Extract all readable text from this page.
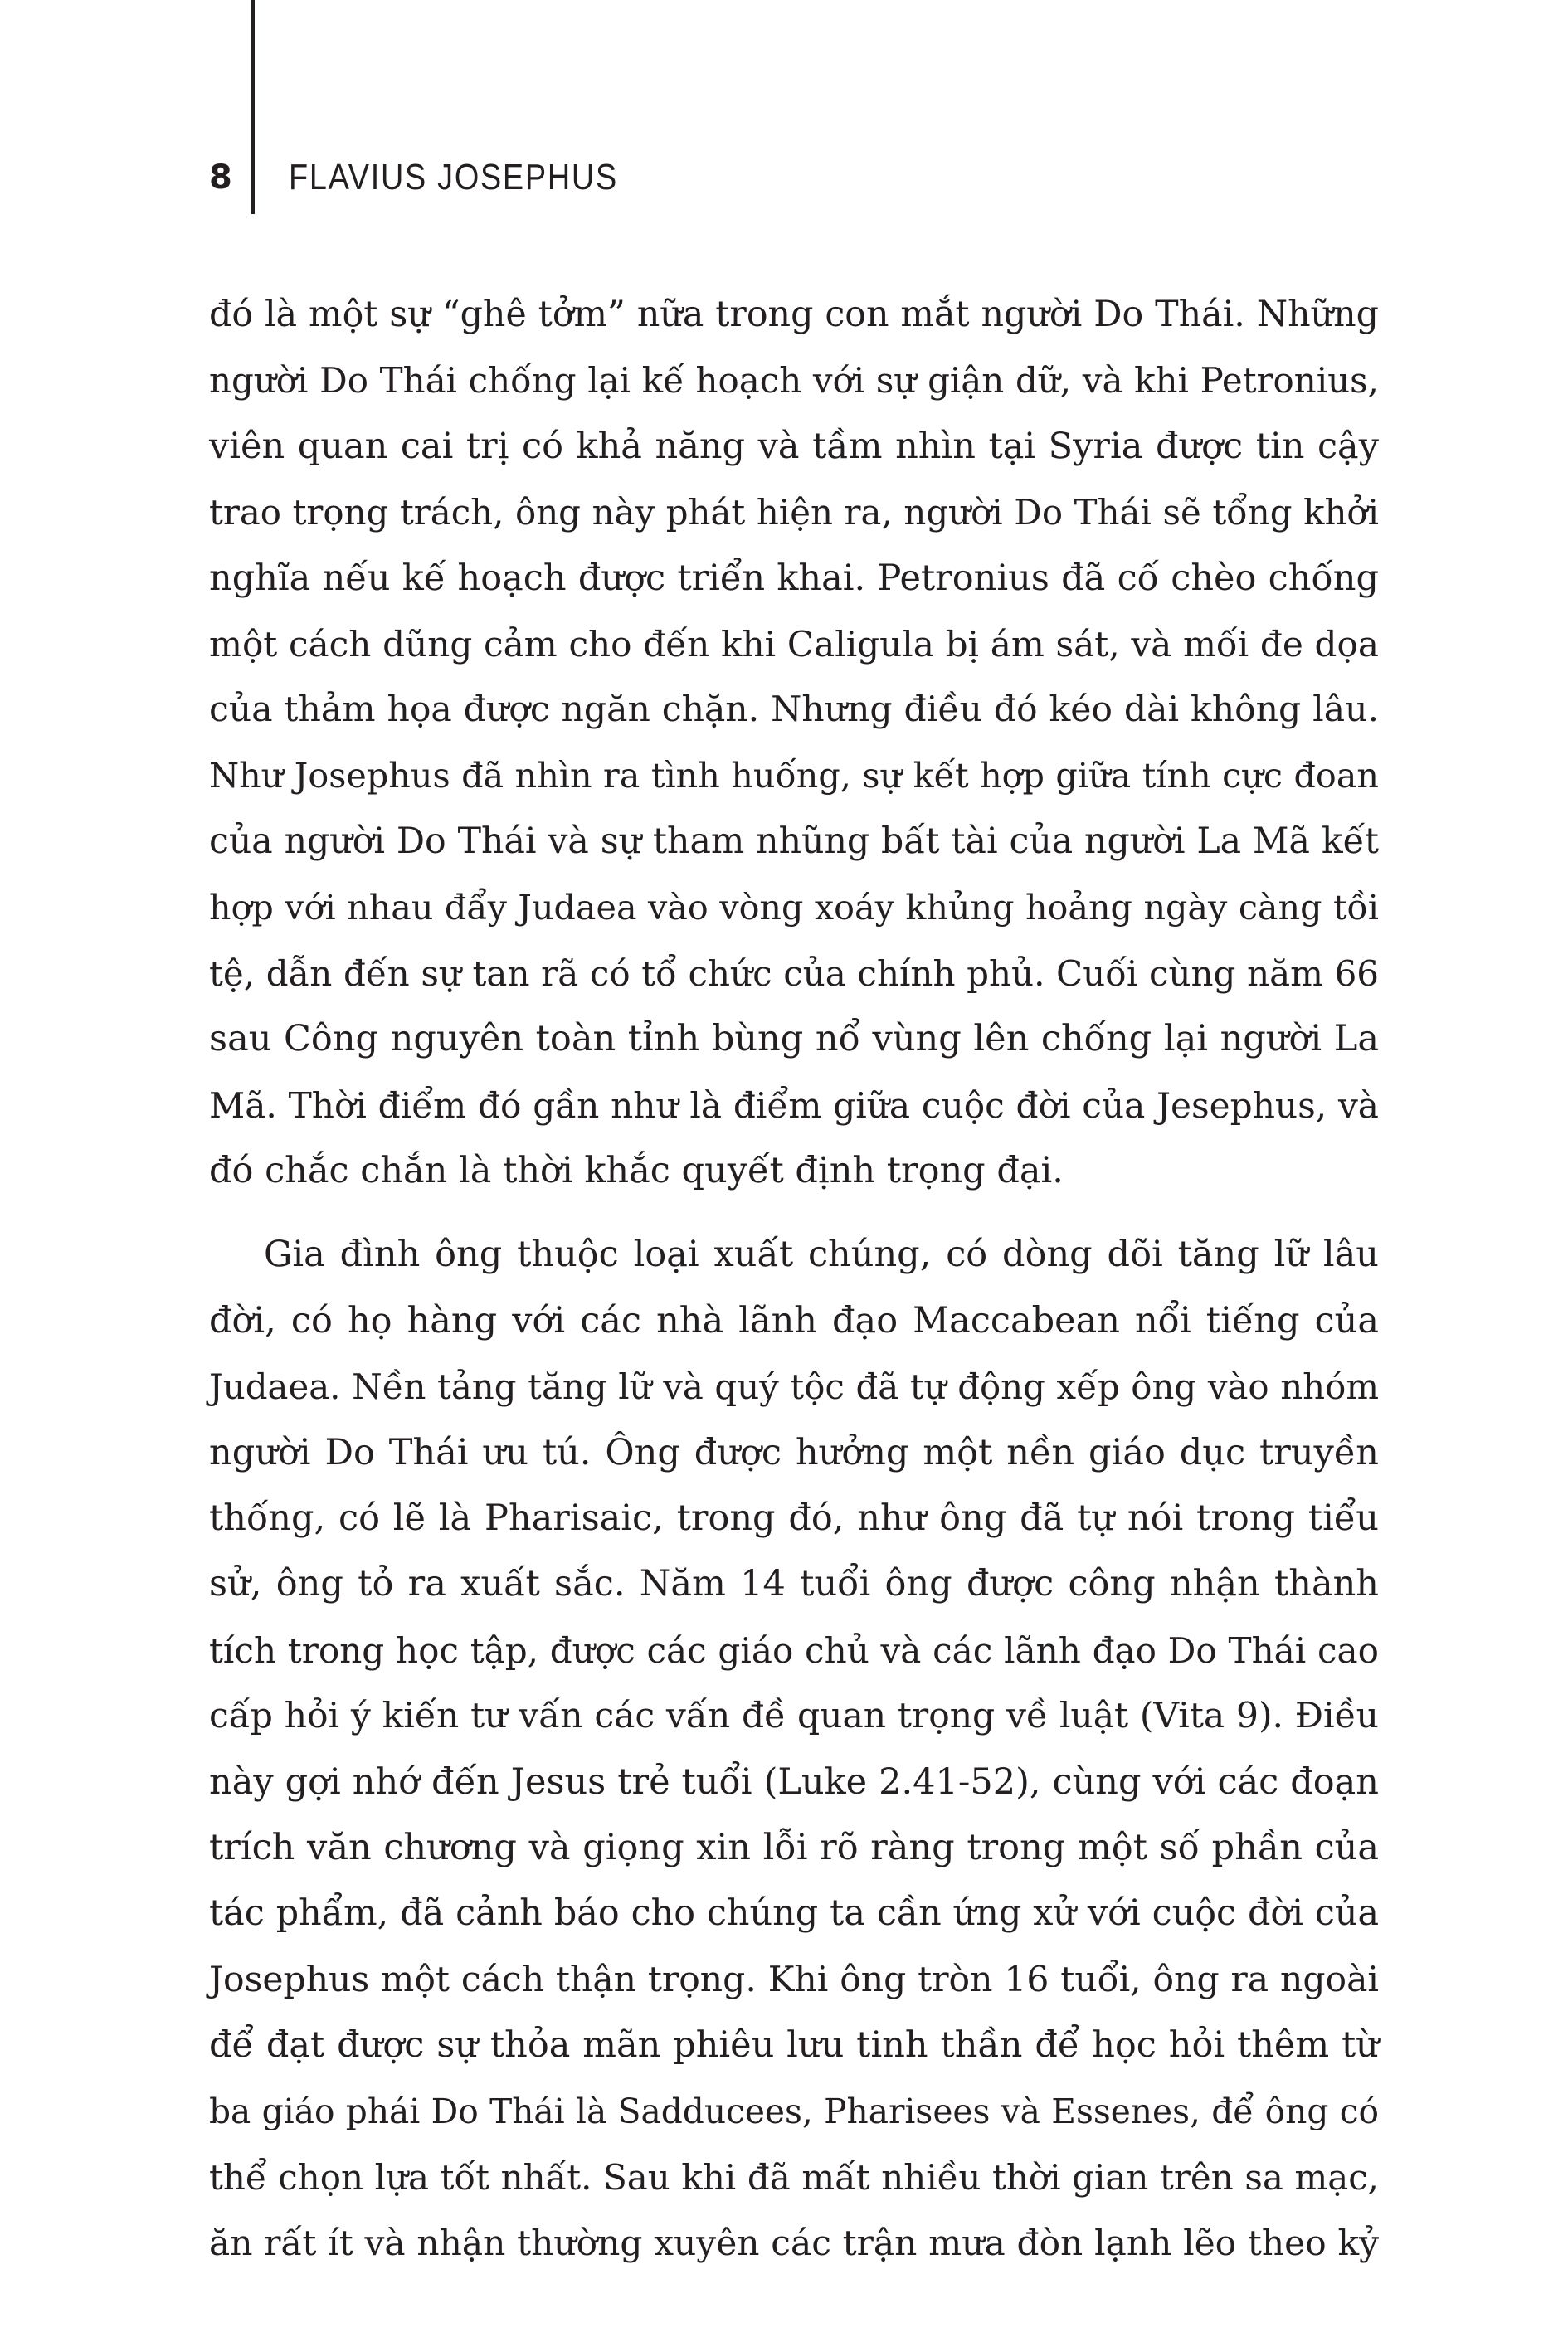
8 FLAVIUS JOSEPHUS
đó là một sự “ghê tởm” nữa trong con mắt người Do Thái. Những
người Do Thái chống lại kế hoạch với sự giận dữ, và khi Petronius,
viên quan cai trị có khả năng và tầm nhìn tại Syria được tin cậy
trao trọng trách, ông này phát hiện ra, người Do Thái sẽ tổng khởi
nghĩa nếu kế hoạch được triển khai. Petronius đã cố chèo chống
một cách dũng cảm cho đến khi Caligula bị ám sát, và mối đe dọa
của thảm họa được ngăn chặn. Nhưng điều đó kéo dài không lâu.
Như Josephus đã nhìn ra tình huống, sự kết hợp giữa tính cực đoan
của người Do Thái và sự tham nhũng bất tài của người La Mã kết
hợp với nhau đẩy Judaea vào vòng xoáy khủng hoảng ngày càng tồi
tệ, dẫn đến sự tan rã có tổ chức của chính phủ. Cuối cùng năm 66
sau Công nguyên toàn tỉnh bùng nổ vùng lên chống lại người La
Mã. Thời điểm đó gần như là điểm giữa cuộc đời của Jesephus, và
đó chắc chắn là thời khắc quyết định trọng đại.
Gia đình ông thuộc loại xuất chúng, có dòng dõi tăng lữ lâu
đời, có họ hàng với các nhà lãnh đạo Maccabean nổi tiếng của
Judaea. Nền tảng tăng lữ và quý tộc đã tự động xếp ông vào nhóm
người Do Thái ưu tú. Ông được hưởng một nền giáo dục truyền
thống, có lẽ là Pharisaic, trong đó, như ông đã tự nói trong tiểu
sử, ông tỏ ra xuất sắc. Năm 14 tuổi ông được công nhận thành
tích trong học tập, được các giáo chủ và các lãnh đạo Do Thái cao
cấp hỏi ý kiến tư vấn các vấn đề quan trọng về luật (Vita 9). Điều
này gợi nhớ đến Jesus trẻ tuổi (Luke 2.41-52), cùng với các đoạn
trích văn chương và giọng xin lỗi rõ ràng trong một số phần của
tác phẩm, đã cảnh báo cho chúng ta cần ứng xử với cuộc đời của
Josephus một cách thận trọng. Khi ông tròn 16 tuổi, ông ra ngoài
để đạt được sự thỏa mãn phiêu lưu tinh thần để học hỏi thêm từ
ba giáo phái Do Thái là Sadducees, Pharisees và Essenes, để ông có
thể chọn lựa tốt nhất. Sau khi đã mất nhiều thời gian trên sa mạc,
ăn rất ít và nhận thường xuyên các trận mưa đòn lạnh lẽo theo kỷ
